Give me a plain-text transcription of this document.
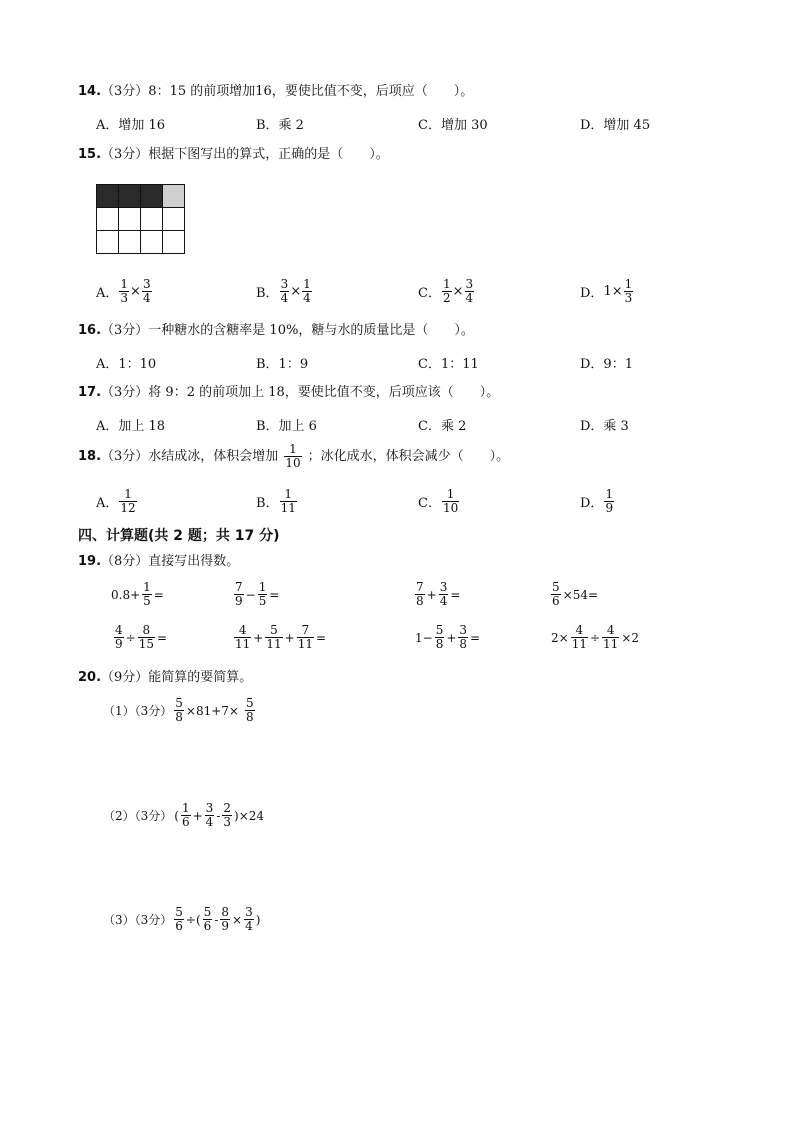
14.（3分）8：15 的前项增加16，要使比值不变，后项应（　　）。
A．增加 16	B．乘 2	C．增加 30	D．增加 45
15.（3分）根据下图写出的算式，正确的是（　　）。

A． $\frac{1}{3} \times \frac{3}{4}$	B． $\frac{3}{4} \times \frac{1}{4}$	C． $\frac{1}{2} \times \frac{3}{4}$	D． $1\times \frac{1}{3}$
16.（3分）一种糖水的含糖率是 10%，糖与水的质量比是（　　）。
A．1：10	B．1：9	C．1：11	D．9：1
17.（3分）将 9：2 的前项加上 18，要使比值不变，后项应该（　　）。
A．加上 18	B．加上 6	C．乘 2	D．乘 3
18. （3分）水结成冰，体积会增加 $\frac{1}{10}$ ；冰化成水，体积会减少（　　）。
A． $\frac{1}{12}$	B． $\frac{1}{11}$	C． $\frac{1}{10}$	D． $\frac{1}{9}$
四、计算题(共 2 题；共 17 分)
19.（8分）直接写出得数。
$0.8+ \frac{1}{5}$ =	$\frac{7}{9} - \frac{1}{5}$ =	$\frac{7}{8} + \frac{3}{4}$ =	$\frac{5}{6} \times 54=$
$\frac{4}{9} \div \frac{8}{15}$ =	$\frac{4}{11} + \frac{5}{11} + \frac{7}{11}$ =	$1- \frac{5}{8} + \frac{3}{8}$ =	$2\times \frac{4}{11} \div \frac{4}{11} \times 2$
20.（9分）能简算的要简算。
（1）（3分） $\frac{5}{8} \times 81+7\times \frac{5}{8}$
（2）（3分） ( $\frac{1}{6} + \frac{3}{4} - \frac{2}{3} )\times 24$
（3）（3分） $\frac{5}{6}$ ÷( $\frac{5}{6} - \frac{8}{9} \times \frac{3}{4}$ )
